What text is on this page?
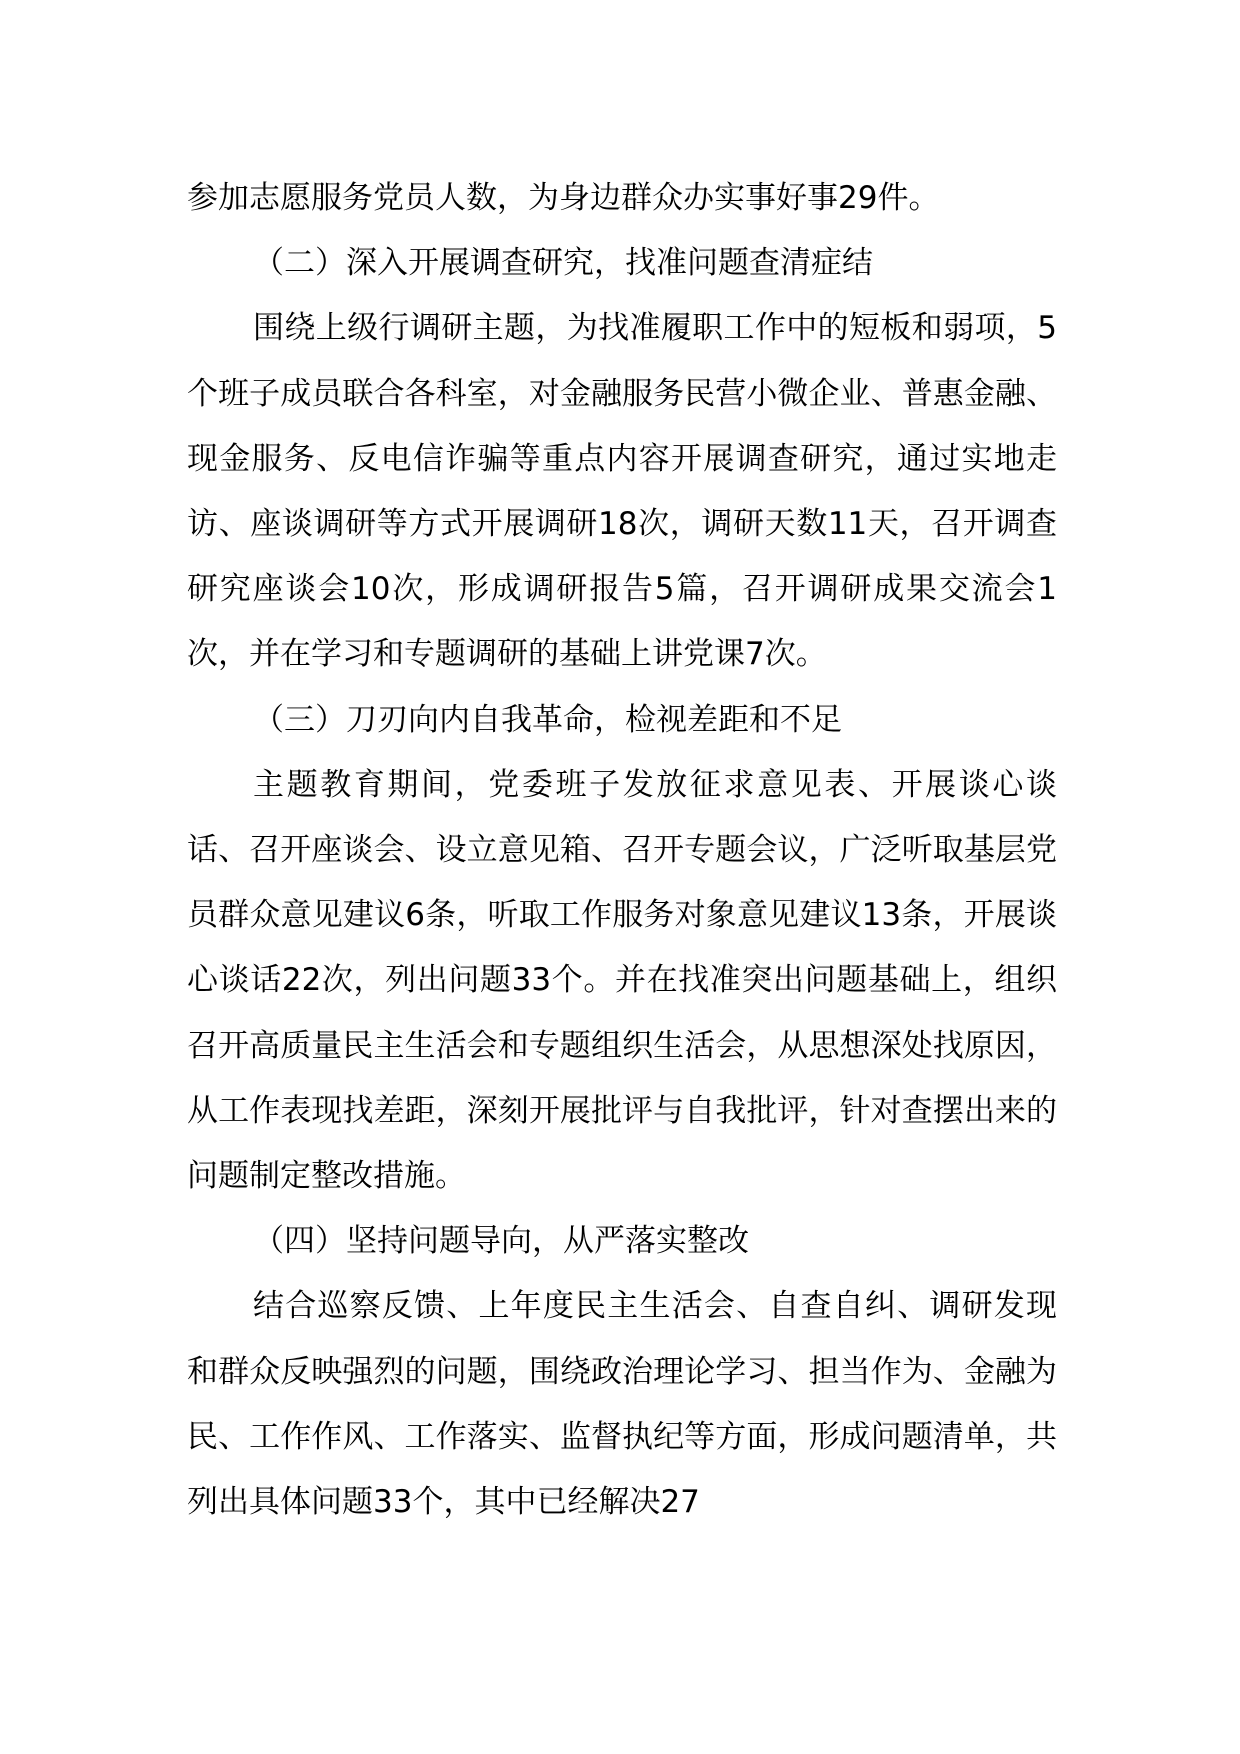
参加志愿服务党员人数，为身边群众办实事好事29件。

（二）深入开展调查研究，找准问题查清症结

围绕上级行调研主题，为找准履职工作中的短板和弱项，5个班子成员联合各科室，对金融服务民营小微企业、普惠金融、现金服务、反电信诈骗等重点内容开展调查研究，通过实地走访、座谈调研等方式开展调研18次，调研天数11天，召开调查研究座谈会10次，形成调研报告5篇，召开调研成果交流会1次，并在学习和专题调研的基础上讲党课7次。

（三）刀刃向内自我革命，检视差距和不足

主题教育期间，党委班子发放征求意见表、开展谈心谈话、召开座谈会、设立意见箱、召开专题会议，广泛听取基层党员群众意见建议6条，听取工作服务对象意见建议13条，开展谈心谈话22次，列出问题33个。并在找准突出问题基础上，组织召开高质量民主生活会和专题组织生活会，从思想深处找原因，从工作表现找差距，深刻开展批评与自我批评，针对查摆出来的问题制定整改措施。

（四）坚持问题导向，从严落实整改

结合巡察反馈、上年度民主生活会、自查自纠、调研发现和群众反映强烈的问题，围绕政治理论学习、担当作为、金融为民、工作作风、工作落实、监督执纪等方面，形成问题清单，共列出具体问题33个，其中已经解决27
